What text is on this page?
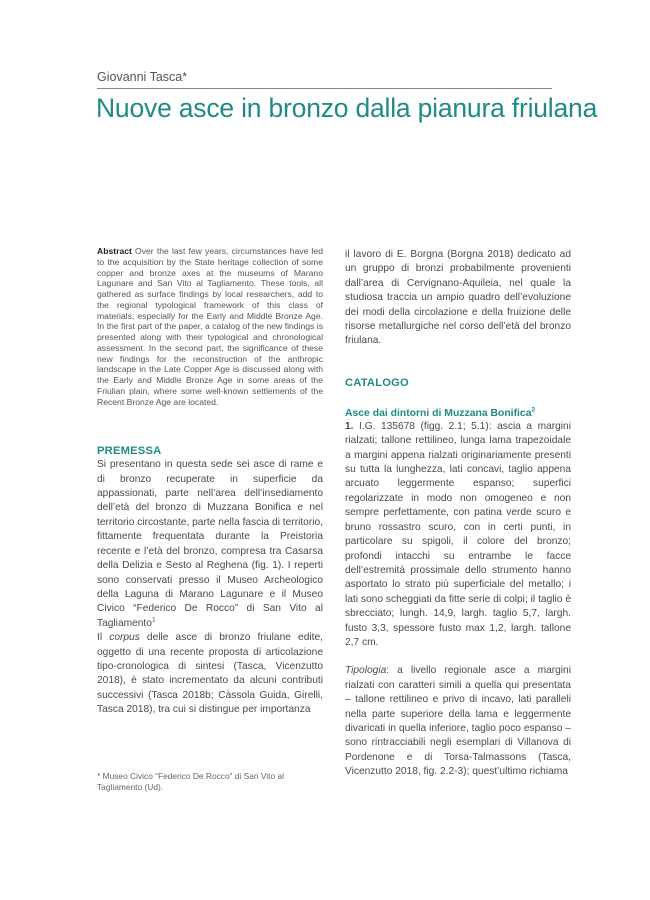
Giovanni Tasca*
Nuove asce in bronzo dalla pianura friulana

Abstract Over the last few years, circumstances have led to the acquisition by the State heritage collection of some copper and bronze axes at the museums of Marano Lagunare and San Vito al Tagliamento. These tools, all gathered as surface findings by local researchers, add to the regional typological framework of this class of materials, especially for the Early and Middle Bronze Age. In the first part of the paper, a catalog of the new findings is presented along with their typological and chronological assessment. In the second part, the significance of these new findings for the reconstruction of the anthropic landscape in the Late Copper Age is discussed along with the Early and Middle Bronze Age in some areas of the Friulian plain, where some well-known settlements of the Recent Bronze Age are located.

PREMESSA

Si presentano in questa sede sei asce di rame e di bronzo recuperate in superficie da appassionati, parte nell’area dell’insediamento dell’età del bronzo di Muzzana Bonifica e nel territorio circostante, parte nella fascia di territorio, fittamente frequentata durante la Preistoria recente e l’età del bronzo, compresa tra Casarsa della Delizia e Sesto al Reghena (fig. 1). I reperti sono conservati presso il Museo Archeologico della Laguna di Marano Lagunare e il Museo Civico “Federico De Rocco” di San Vito al Tagliamento$^1$

Il corpus delle asce di bronzo friulane edite, oggetto di una recente proposta di articolazione tipo-cronologica di sintesi (Tasca, Vicenzutto 2018), è stato incrementato da alcuni contributi successivi (Tasca 2018b; Càssola Guida, Girelli, Tasca 2018), tra cui si distingue per importanza

* Museo Civico “Federico De Rocco” di San Vito al Tagliamento (Ud).

il lavoro di E. Borgna (Borgna 2018) dedicato ad un gruppo di bronzi probabilmente provenienti dall’area di Cervignano-Aquileia, nel quale la studiosa traccia un ampio quadro dell’evoluzione dei modi della circolazione e della fruizione delle risorse metallurgiche nel corso dell’età del bronzo friulana.

CATALOGO
Asce dai dintorni di Muzzana Bonifica$^2$

1. I.G. 135678 (figg. 2.1; 5.1): ascia a margini rialzati; tallone rettilineo, lunga lama trapezoidale a margini appena rialzati originariamente presenti su tutta la lunghezza, lati concavi, taglio appena arcuato leggermente espanso; superfici regolarizzate in modo non omogeneo e non sempre perfettamente, con patina verde scuro e bruno rossastro scuro, con in certi punti, in particolare su spigoli, il colore del bronzo; profondi intacchi su entrambe le facce dell’estremità prossimale dello strumento hanno asportato lo strato più superficiale del metallo; i lati sono scheggiati da fitte serie di colpi; il taglio è sbrecciato; lungh. 14,9, largh. taglio 5,7, largh. fusto 3,3, spessore fusto max 1,2, largh. tallone 2,7 cm.

Tipologia: a livello regionale asce a margini rialzati con caratteri simili a quella qui presentata – tallone rettilineo e privo di incavo, lati paralleli nella parte superiore della lama e leggermente divaricati in quella inferiore, taglio poco espanso – sono rintracciabili negli esemplari di Villanova di Pordenone e di Torsa-Talmassons (Tasca, Vicenzutto 2018, fig. 2.2-3); quest’ultimo richiama
